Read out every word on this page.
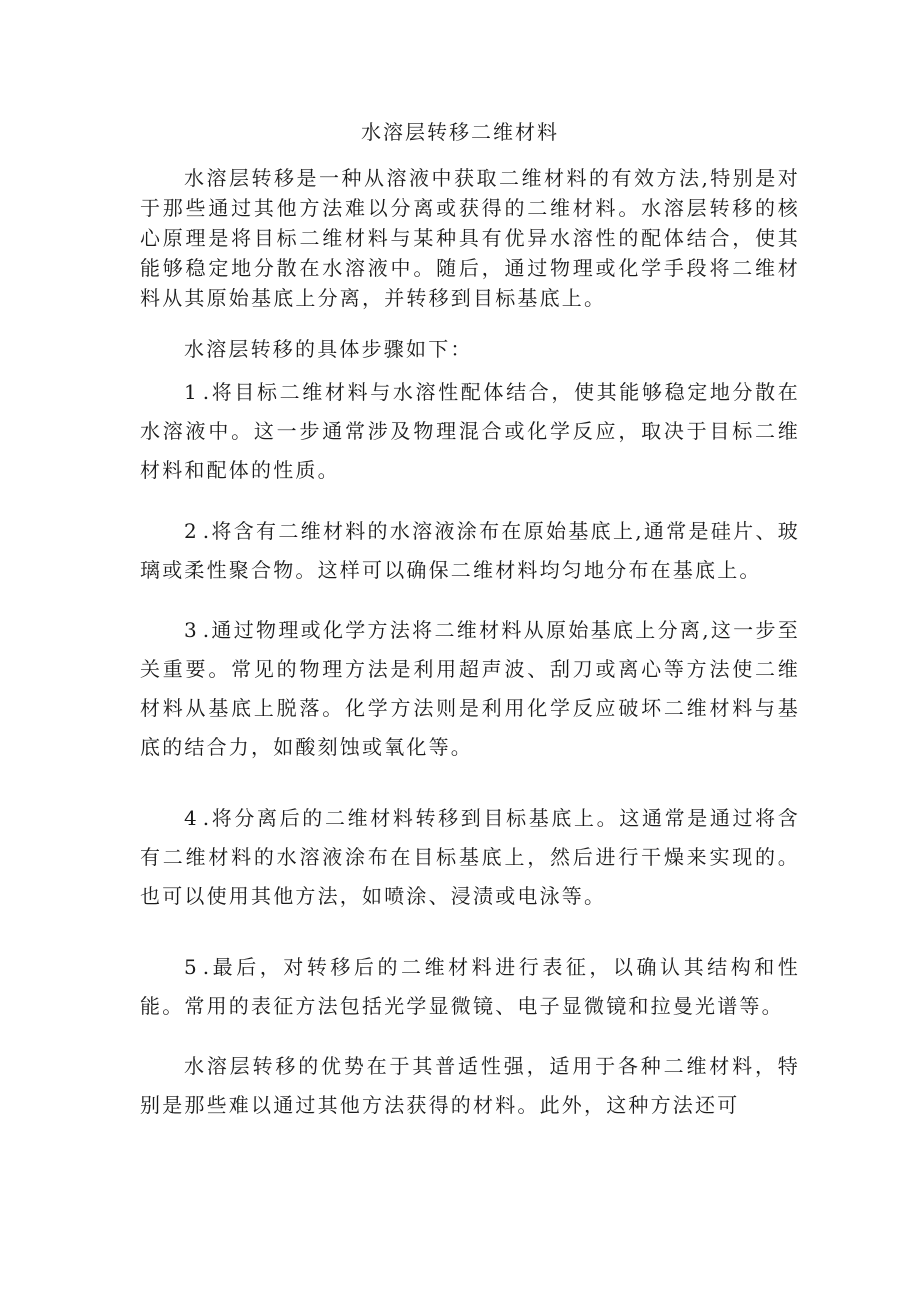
水溶层转移二维材料

水溶层转移是一种从溶液中获取二维材料的有效方法,特别是对于那些通过其他方法难以分离或获得的二维材料。水溶层转移的核心原理是将目标二维材料与某种具有优异水溶性的配体结合，使其能够稳定地分散在水溶液中。随后，通过物理或化学手段将二维材料从其原始基底上分离，并转移到目标基底上。

水溶层转移的具体步骤如下：

1.将目标二维材料与水溶性配体结合，使其能够稳定地分散在水溶液中。这一步通常涉及物理混合或化学反应，取决于目标二维材料和配体的性质。

2.将含有二维材料的水溶液涂布在原始基底上,通常是硅片、玻璃或柔性聚合物。这样可以确保二维材料均匀地分布在基底上。

3.通过物理或化学方法将二维材料从原始基底上分离,这一步至关重要。常见的物理方法是利用超声波、刮刀或离心等方法使二维材料从基底上脱落。化学方法则是利用化学反应破坏二维材料与基底的结合力，如酸刻蚀或氧化等。

4.将分离后的二维材料转移到目标基底上。这通常是通过将含有二维材料的水溶液涂布在目标基底上，然后进行干燥来实现的。也可以使用其他方法，如喷涂、浸渍或电泳等。

5.最后，对转移后的二维材料进行表征，以确认其结构和性能。常用的表征方法包括光学显微镜、电子显微镜和拉曼光谱等。

水溶层转移的优势在于其普适性强，适用于各种二维材料，特别是那些难以通过其他方法获得的材料。此外，这种方法还可
